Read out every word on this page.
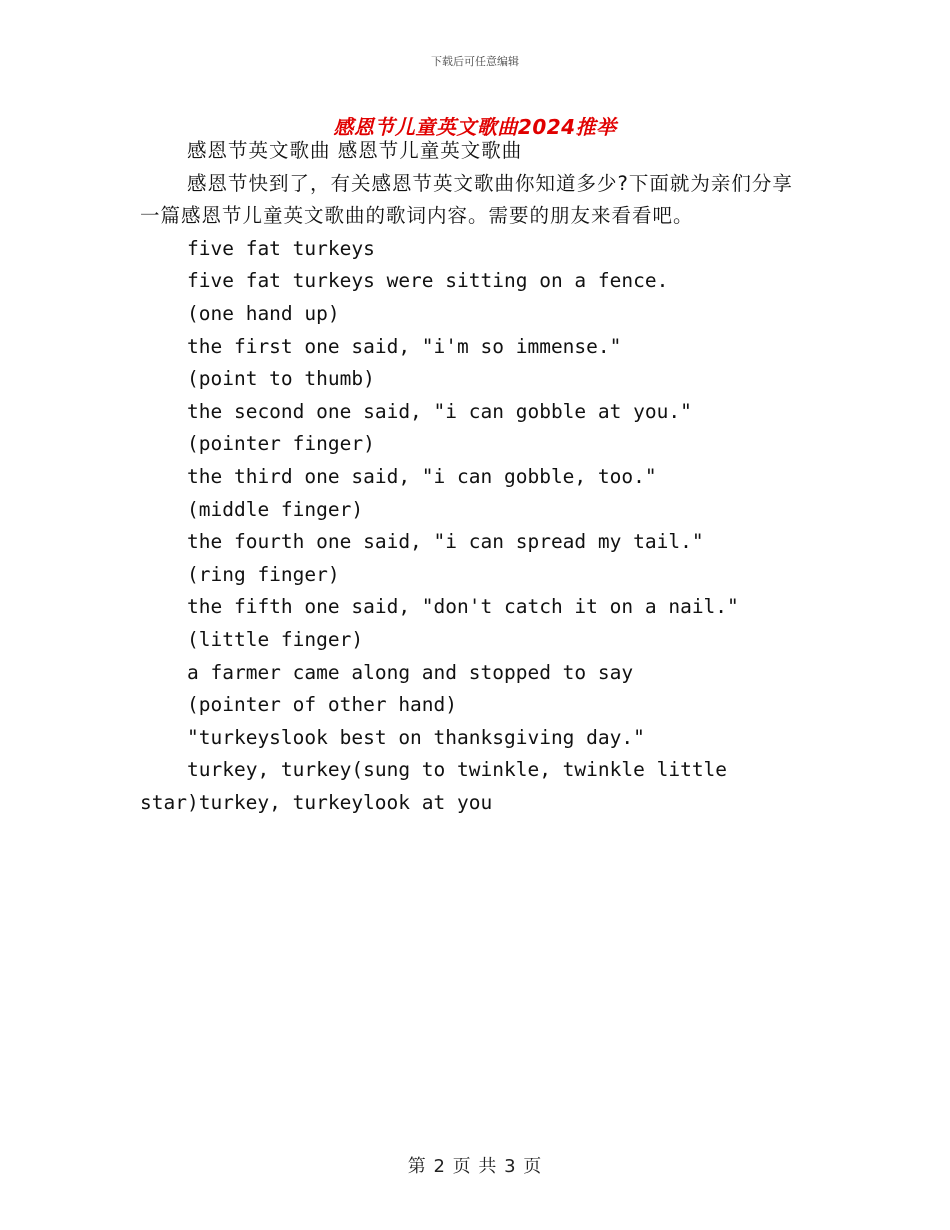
下载后可任意编辑
感恩节儿童英文歌曲2024推举

感恩节英文歌曲 感恩节儿童英文歌曲

感恩节快到了，有关感恩节英文歌曲你知道多少?下面就为亲们分享一篇感恩节儿童英文歌曲的歌词内容。需要的朋友来看看吧。

five fat turkeys

five fat turkeys were sitting on a fence.

(one hand up)

the first one said, "i'm so immense."

(point to thumb)

the second one said, "i can gobble at you."

(pointer finger)

the third one said, "i can gobble, too."

(middle finger)

the fourth one said, "i can spread my tail."

(ring finger)

the fifth one said, "don't catch it on a nail."

(little finger)

a farmer came along and stopped to say

(pointer of other hand)

"turkeyslook best on thanksgiving day."

turkey, turkey(sung to twinkle, twinkle little star)turkey, turkeylook at you

第 2 页 共 3 页
